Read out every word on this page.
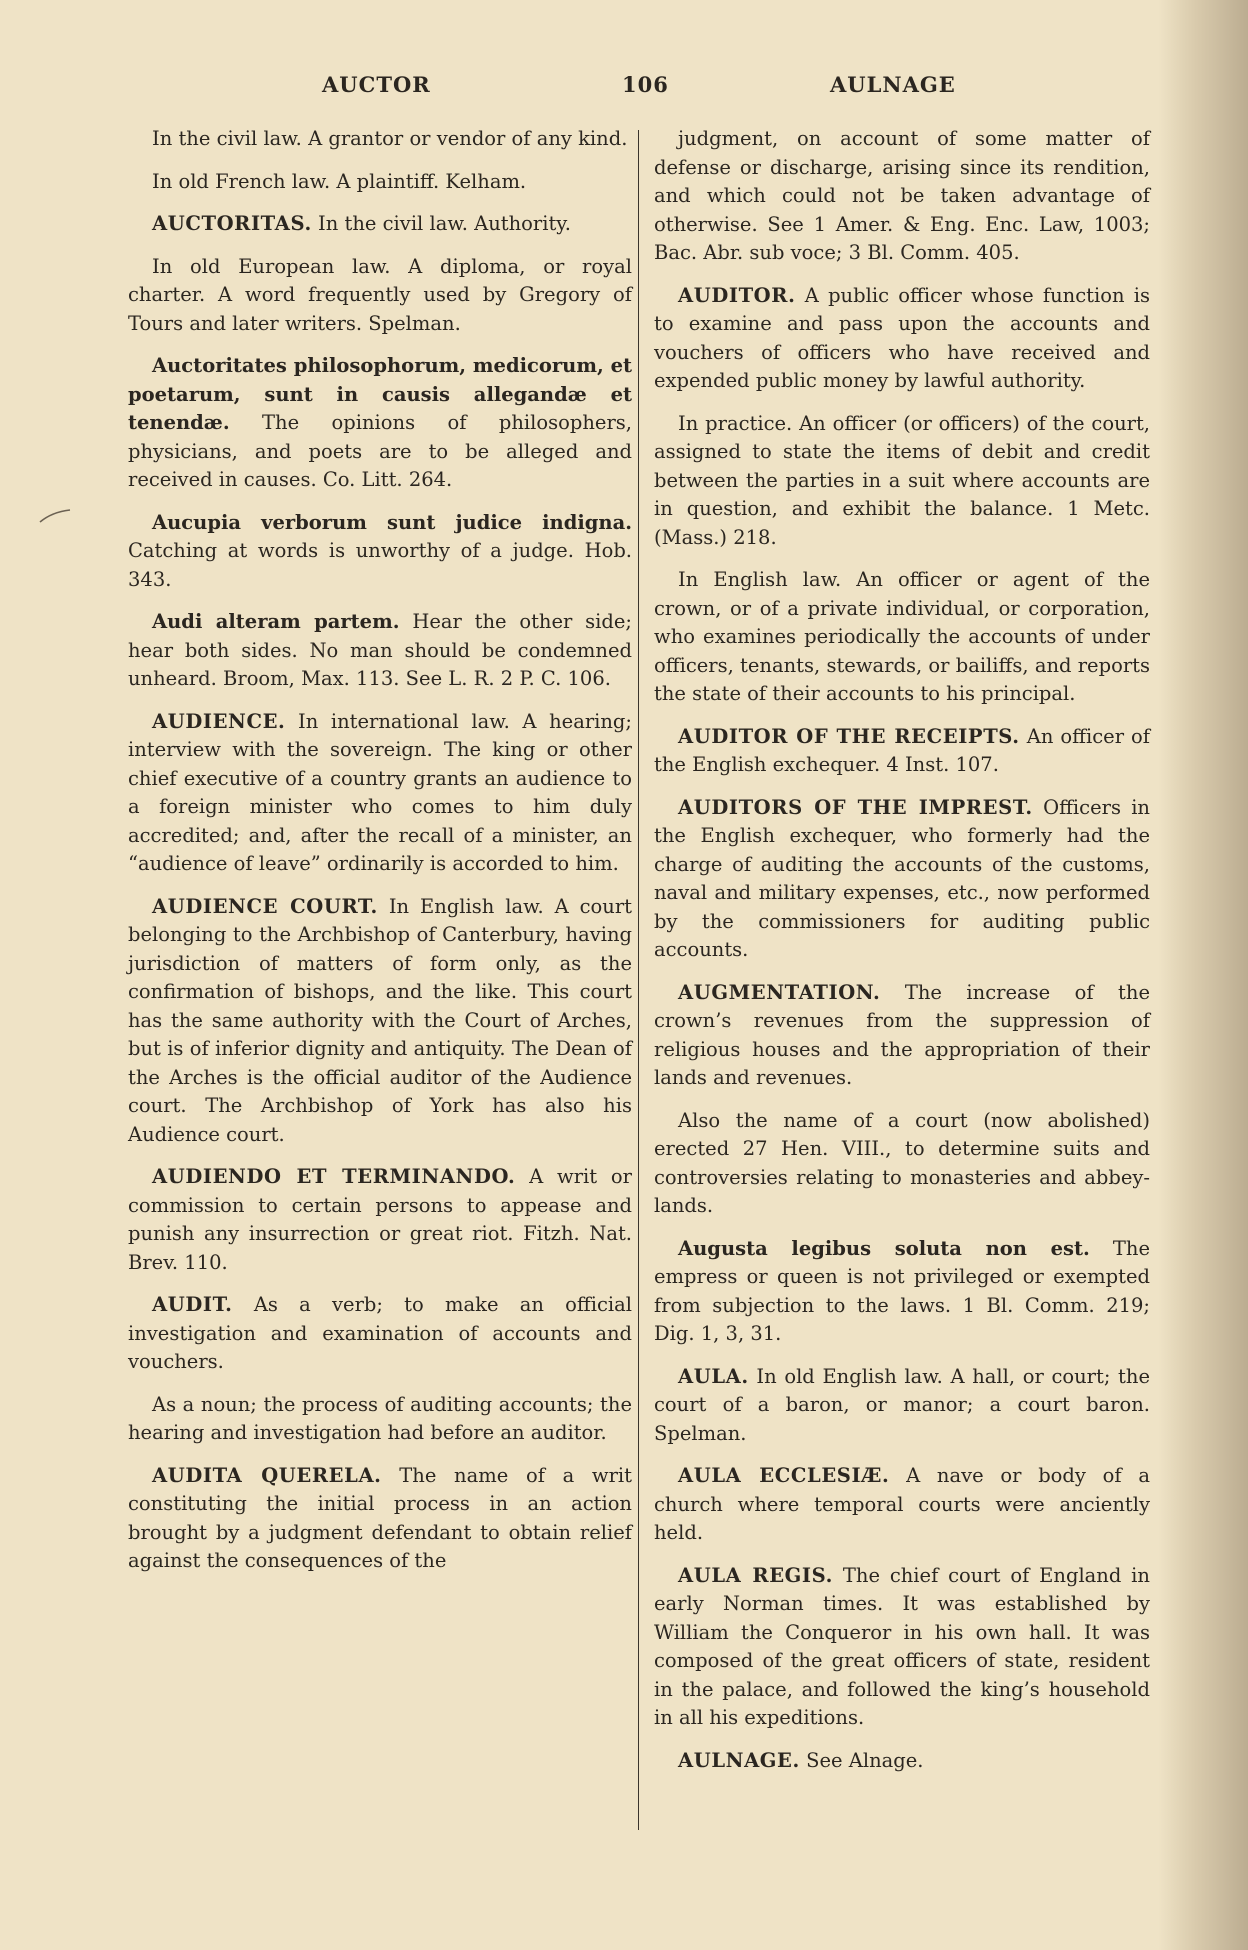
AUCTOR	106	AULNAGE

In the civil law. A grantor or vendor of any kind.

In old French law. A plaintiff. Kelham.

AUCTORITAS. In the civil law. Authority.

In old European law. A diploma, or royal charter. A word frequently used by Gregory of Tours and later writers. Spelman.

Auctoritates philosophorum, medicorum, et poetarum, sunt in causis allegandæ et tenendæ. The opinions of philosophers, physicians, and poets are to be alleged and received in causes. Co. Litt. 264.

Aucupia verborum sunt judice indigna. Catching at words is unworthy of a judge. Hob. 343.

Audi alteram partem. Hear the other side; hear both sides. No man should be condemned unheard. Broom, Max. 113. See L. R. 2 P. C. 106.

AUDIENCE. In international law. A hearing; interview with the sovereign. The king or other chief executive of a country grants an audience to a foreign minister who comes to him duly accredited; and, after the recall of a minister, an “audience of leave” ordinarily is accorded to him.

AUDIENCE COURT. In English law. A court belonging to the Archbishop of Canterbury, having jurisdiction of matters of form only, as the confirmation of bishops, and the like. This court has the same authority with the Court of Arches, but is of inferior dignity and antiquity. The Dean of the Arches is the official auditor of the Audience court. The Archbishop of York has also his Audience court.

AUDIENDO ET TERMINANDO. A writ or commission to certain persons to appease and punish any insurrection or great riot. Fitzh. Nat. Brev. 110.

AUDIT. As a verb; to make an official investigation and examination of accounts and vouchers.

As a noun; the process of auditing accounts; the hearing and investigation had before an auditor.

AUDITA QUERELA. The name of a writ constituting the initial process in an action brought by a judgment defendant to obtain relief against the consequences of the

judgment, on account of some matter of defense or discharge, arising since its rendition, and which could not be taken advantage of otherwise. See 1 Amer. & Eng. Enc. Law, 1003; Bac. Abr. sub voce; 3 Bl. Comm. 405.

AUDITOR. A public officer whose function is to examine and pass upon the accounts and vouchers of officers who have received and expended public money by lawful authority.

In practice. An officer (or officers) of the court, assigned to state the items of debit and credit between the parties in a suit where accounts are in question, and exhibit the balance. 1 Metc. (Mass.) 218.

In English law. An officer or agent of the crown, or of a private individual, or corporation, who examines periodically the accounts of under officers, tenants, stewards, or bailiffs, and reports the state of their accounts to his principal.

AUDITOR OF THE RECEIPTS. An officer of the English exchequer. 4 Inst. 107.

AUDITORS OF THE IMPREST. Officers in the English exchequer, who formerly had the charge of auditing the accounts of the customs, naval and military expenses, etc., now performed by the commissioners for auditing public accounts.

AUGMENTATION. The increase of the crown’s revenues from the suppression of religious houses and the appropriation of their lands and revenues.

Also the name of a court (now abolished) erected 27 Hen. VIII., to determine suits and controversies relating to monasteries and abbey-lands.

Augusta legibus soluta non est. The empress or queen is not privileged or exempted from subjection to the laws. 1 Bl. Comm. 219; Dig. 1, 3, 31.

AULA. In old English law. A hall, or court; the court of a baron, or manor; a court baron. Spelman.

AULA ECCLESIÆ. A nave or body of a church where temporal courts were anciently held.

AULA REGIS. The chief court of England in early Norman times. It was established by William the Conqueror in his own hall. It was composed of the great officers of state, resident in the palace, and followed the king’s household in all his expeditions.

AULNAGE. See Alnage.
